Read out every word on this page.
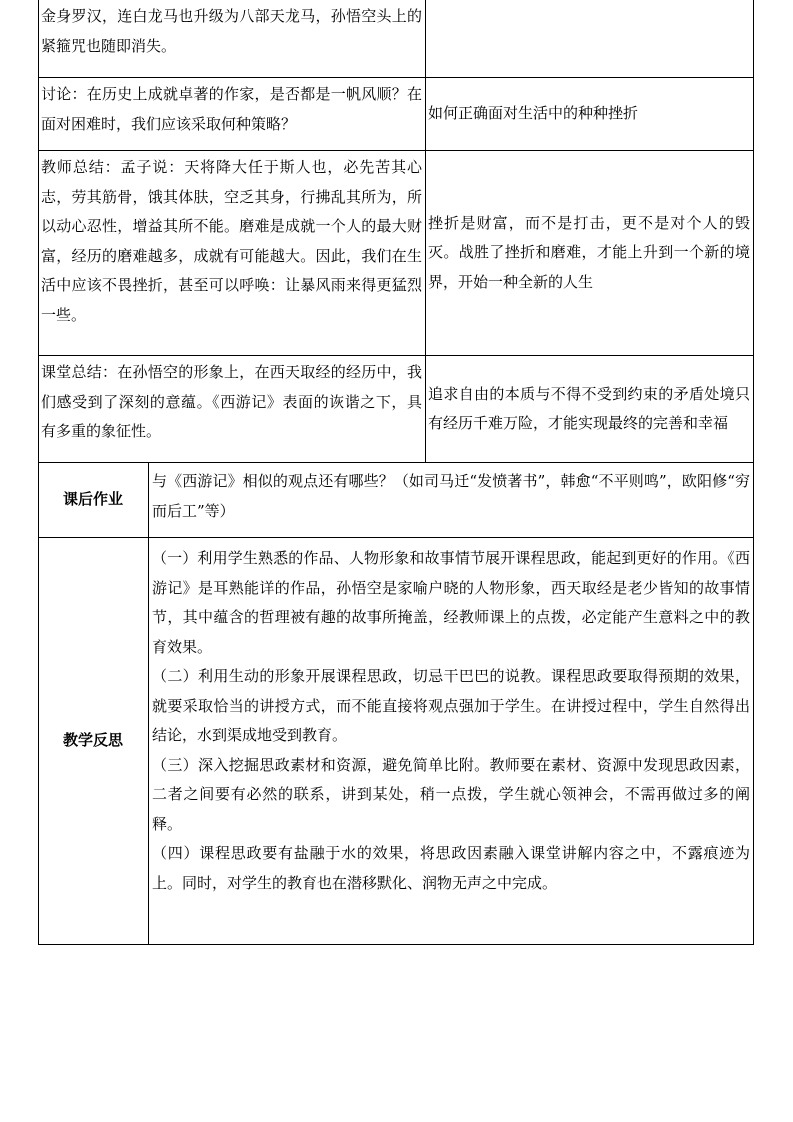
金身罗汉，连白龙马也升级为八部天龙马，孙悟空头上的紧箍咒也随即消失。
讨论：在历史上成就卓著的作家，是否都是一帆风顺？在面对困难时，我们应该采取何种策略？
如何正确面对生活中的种种挫折
教师总结：孟子说：天将降大任于斯人也，必先苦其心志，劳其筋骨，饿其体肤，空乏其身，行拂乱其所为，所以动心忍性，增益其所不能。磨难是成就一个人的最大财富，经历的磨难越多，成就有可能越大。因此，我们在生活中应该不畏挫折，甚至可以呼唤：让暴风雨来得更猛烈一些。
挫折是财富，而不是打击，更不是对个人的毁灭。战胜了挫折和磨难，才能上升到一个新的境界，开始一种全新的人生
课堂总结：在孙悟空的形象上，在西天取经的经历中，我们感受到了深刻的意蕴。《西游记》表面的诙谐之下，具有多重的象征性。
追求自由的本质与不得不受到约束的矛盾处境只有经历千难万险，才能实现最终的完善和幸福
课后作业
与《西游记》相似的观点还有哪些？（如司马迁“发愤著书”，韩愈“不平则鸣”，欧阳修“穷而后工”等）
教学反思

（一）利用学生熟悉的作品、人物形象和故事情节展开课程思政，能起到更好的作用。《西游记》是耳熟能详的作品，孙悟空是家喻户晓的人物形象，西天取经是老少皆知的故事情节，其中蕴含的哲理被有趣的故事所掩盖，经教师课上的点拨，必定能产生意料之中的教育效果。

（二）利用生动的形象开展课程思政，切忌干巴巴的说教。课程思政要取得预期的效果，就要采取恰当的讲授方式，而不能直接将观点强加于学生。在讲授过程中，学生自然得出结论，水到渠成地受到教育。

（三）深入挖掘思政素材和资源，避免简单比附。教师要在素材、资源中发现思政因素，二者之间要有必然的联系，讲到某处，稍一点拨，学生就心领神会，不需再做过多的阐释。

（四）课程思政要有盐融于水的效果，将思政因素融入课堂讲解内容之中，不露痕迹为上。同时，对学生的教育也在潜移默化、润物无声之中完成。
